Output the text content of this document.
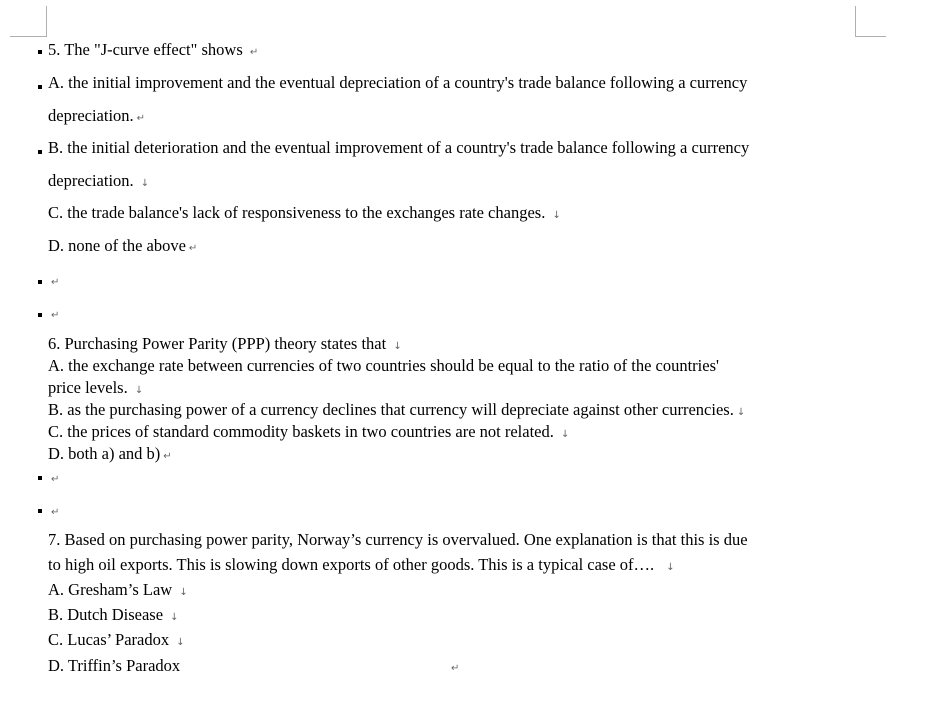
5. The "J-curve effect" shows ↵
A. the initial improvement and the eventual depreciation of a country's trade balance following a currency
depreciation. ↵
B. the initial deterioration and the eventual improvement of a country's trade balance following a currency
depreciation. ↓
C. the trade balance's lack of responsiveness to the exchanges rate changes. ↓
D. none of the above ↵
↵
↵
6. Purchasing Power Parity (PPP) theory states that ↓
A. the exchange rate between currencies of two countries should be equal to the ratio of the countries'
price levels. ↓
B. as the purchasing power of a currency declines that currency will depreciate against other currencies. ↓
C. the prices of standard commodity baskets in two countries are not related. ↓
D. both a) and b) ↵
↵
↵
7. Based on purchasing power parity, Norway’s currency is overvalued. One explanation is that this is due
to high oil exports. This is slowing down exports of other goods. This is a typical case of…. ↓
A. Gresham’s Law ↓
B. Dutch Disease ↓
C. Lucas’ Paradox ↓
D. Triffin’s Paradox	↵
